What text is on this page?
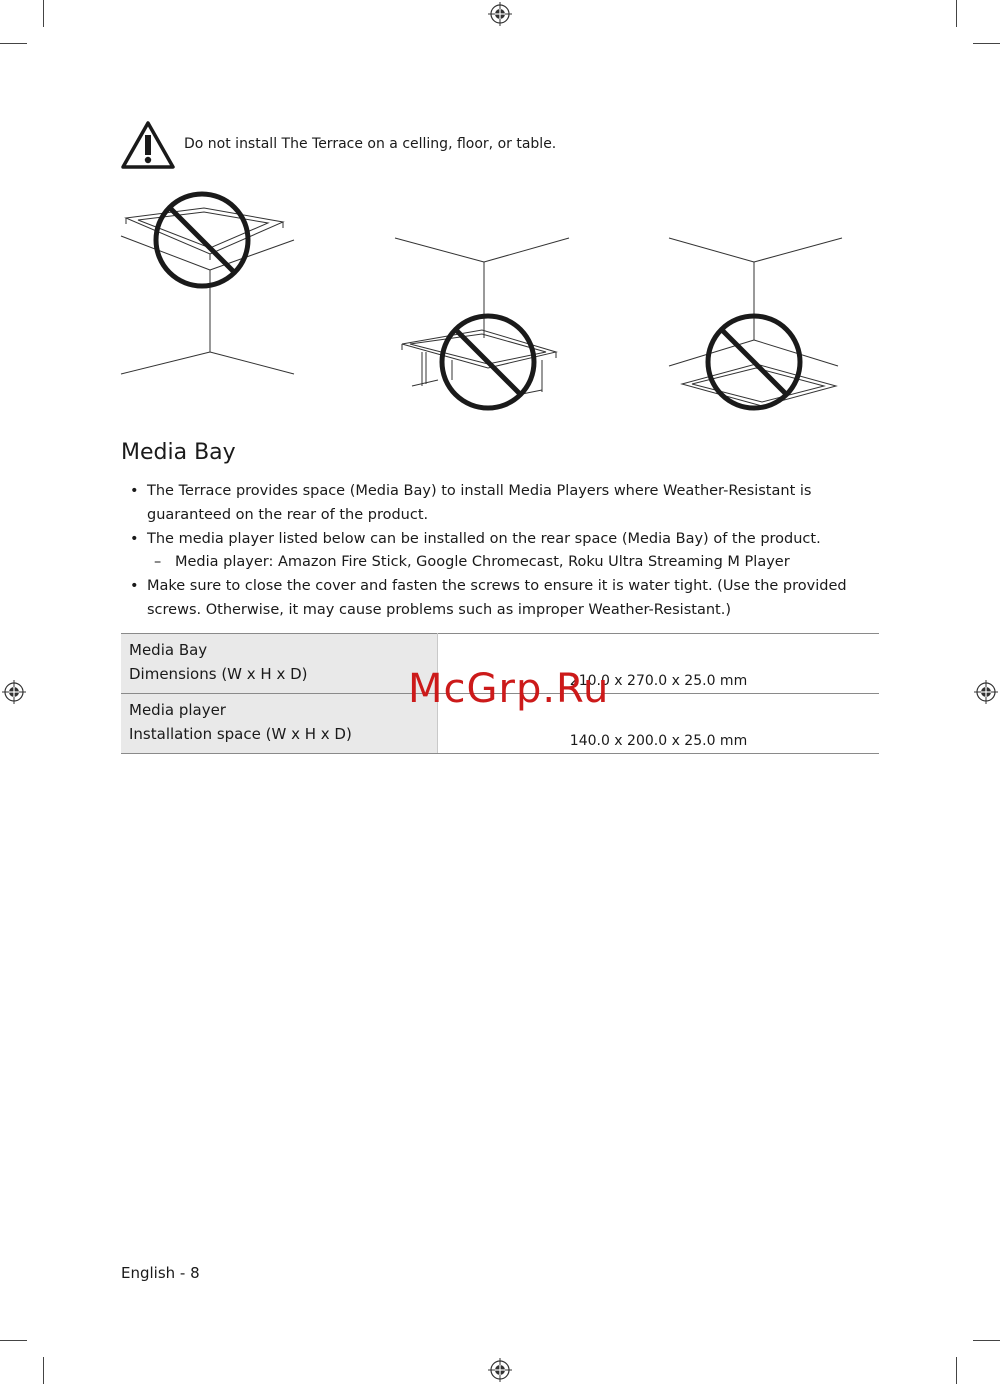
Do not install The Terrace on a celling, floor, or table.
Media Bay
• The Terrace provides space (Media Bay) to install Media Players where Weather-Resistant is guaranteed on the rear of the product.
• The media player listed below can be installed on the rear space (Media Bay) of the product.
– Media player: Amazon Fire Stick, Google Chromecast, Roku Ultra Streaming M Player
• Make sure to close the cover and fasten the screws to ensure it is water tight. (Use the provided screws. Otherwise, it may cause problems such as improper Weather-Resistant.)
Media Bay
Dimensions (W x H x D)	210.0 x 270.0 x 25.0 mm

Media player
Installation space (W x H x D)	140.0 x 200.0 x 25.0 mm
McGrp.Ru
English - 8
